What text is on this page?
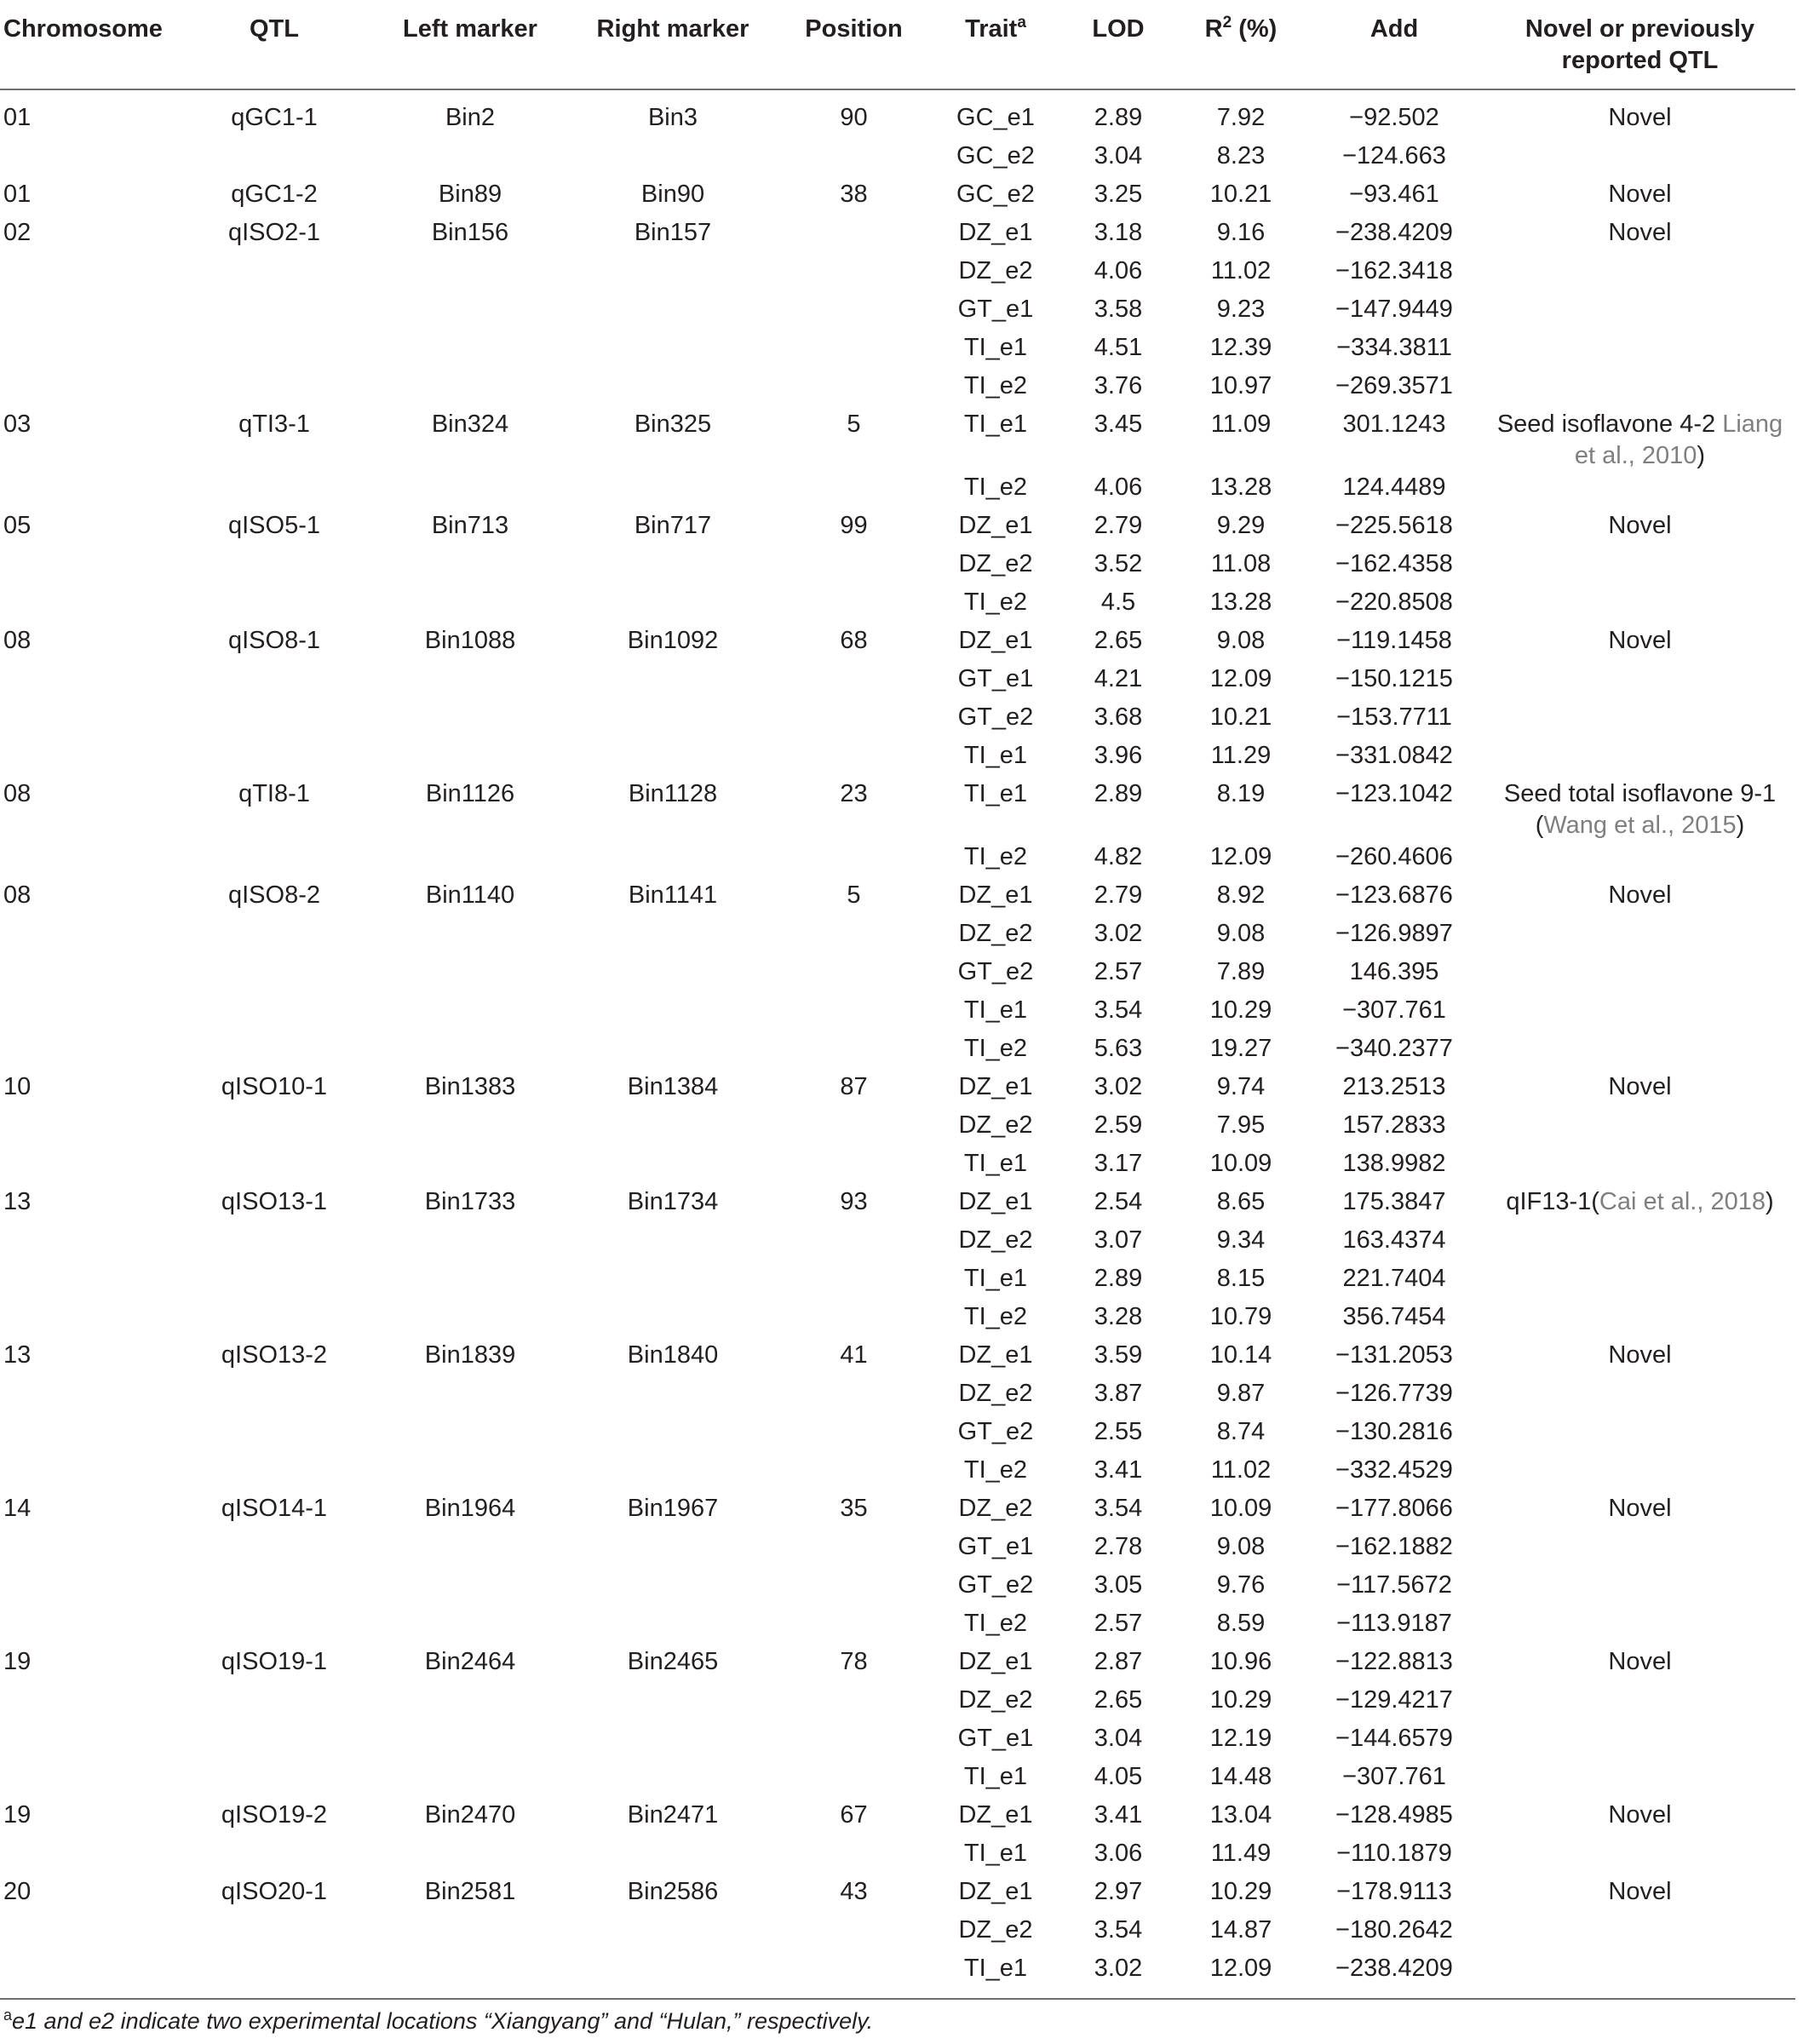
Chromosome	QTL	Left marker	Right marker	Position	Trait$^a$	LOD	$R^2$ (%)	Add	Novel or previously reported QTL
01	qGC1-1	Bin2	Bin3	90	GC_e1	2.89	7.92	−92.502	Novel
					GC_e2	3.04	8.23	−124.663	
01	qGC1-2	Bin89	Bin90	38	GC_e2	3.25	10.21	−93.461	Novel
02	qISO2-1	Bin156	Bin157		DZ_e1	3.18	9.16	−238.4209	Novel
					DZ_e2	4.06	11.02	−162.3418	
					GT_e1	3.58	9.23	−147.9449	
					TI_e1	4.51	12.39	−334.3811	
					TI_e2	3.76	10.97	−269.3571	
03	qTI3-1	Bin324	Bin325	5	TI_e1	3.45	11.09	301.1243	Seed isoflavone 4-2 Liang et al., 2010)
					TI_e2	4.06	13.28	124.4489	
05	qISO5-1	Bin713	Bin717	99	DZ_e1	2.79	9.29	−225.5618	Novel
					DZ_e2	3.52	11.08	−162.4358	
					TI_e2	4.5	13.28	−220.8508	
08	qISO8-1	Bin1088	Bin1092	68	DZ_e1	2.65	9.08	−119.1458	Novel
					GT_e1	4.21	12.09	−150.1215	
					GT_e2	3.68	10.21	−153.7711	
					TI_e1	3.96	11.29	−331.0842	
08	qTI8-1	Bin1126	Bin1128	23	TI_e1	2.89	8.19	−123.1042	Seed total isoflavone 9-1 (Wang et al., 2015)
					TI_e2	4.82	12.09	−260.4606	
08	qISO8-2	Bin1140	Bin1141	5	DZ_e1	2.79	8.92	−123.6876	Novel
					DZ_e2	3.02	9.08	−126.9897	
					GT_e2	2.57	7.89	146.395	
					TI_e1	3.54	10.29	−307.761	
					TI_e2	5.63	19.27	−340.2377	
10	qISO10-1	Bin1383	Bin1384	87	DZ_e1	3.02	9.74	213.2513	Novel
					DZ_e2	2.59	7.95	157.2833	
					TI_e1	3.17	10.09	138.9982	
13	qISO13-1	Bin1733	Bin1734	93	DZ_e1	2.54	8.65	175.3847	qIF13-1(Cai et al., 2018)
					DZ_e2	3.07	9.34	163.4374	
					TI_e1	2.89	8.15	221.7404	
					TI_e2	3.28	10.79	356.7454	
13	qISO13-2	Bin1839	Bin1840	41	DZ_e1	3.59	10.14	−131.2053	Novel
					DZ_e2	3.87	9.87	−126.7739	
					GT_e2	2.55	8.74	−130.2816	
					TI_e2	3.41	11.02	−332.4529	
14	qISO14-1	Bin1964	Bin1967	35	DZ_e2	3.54	10.09	−177.8066	Novel
					GT_e1	2.78	9.08	−162.1882	
					GT_e2	3.05	9.76	−117.5672	
					TI_e2	2.57	8.59	−113.9187	
19	qISO19-1	Bin2464	Bin2465	78	DZ_e1	2.87	10.96	−122.8813	Novel
					DZ_e2	2.65	10.29	−129.4217	
					GT_e1	3.04	12.19	−144.6579	
					TI_e1	4.05	14.48	−307.761	
19	qISO19-2	Bin2470	Bin2471	67	DZ_e1	3.41	13.04	−128.4985	Novel
					TI_e1	3.06	11.49	−110.1879	
20	qISO20-1	Bin2581	Bin2586	43	DZ_e1	2.97	10.29	−178.9113	Novel
					DZ_e2	3.54	14.87	−180.2642	
					TI_e1	3.02	12.09	−238.4209	
$^a$e1 and e2 indicate two experimental locations “Xiangyang” and “Hulan,” respectively.
